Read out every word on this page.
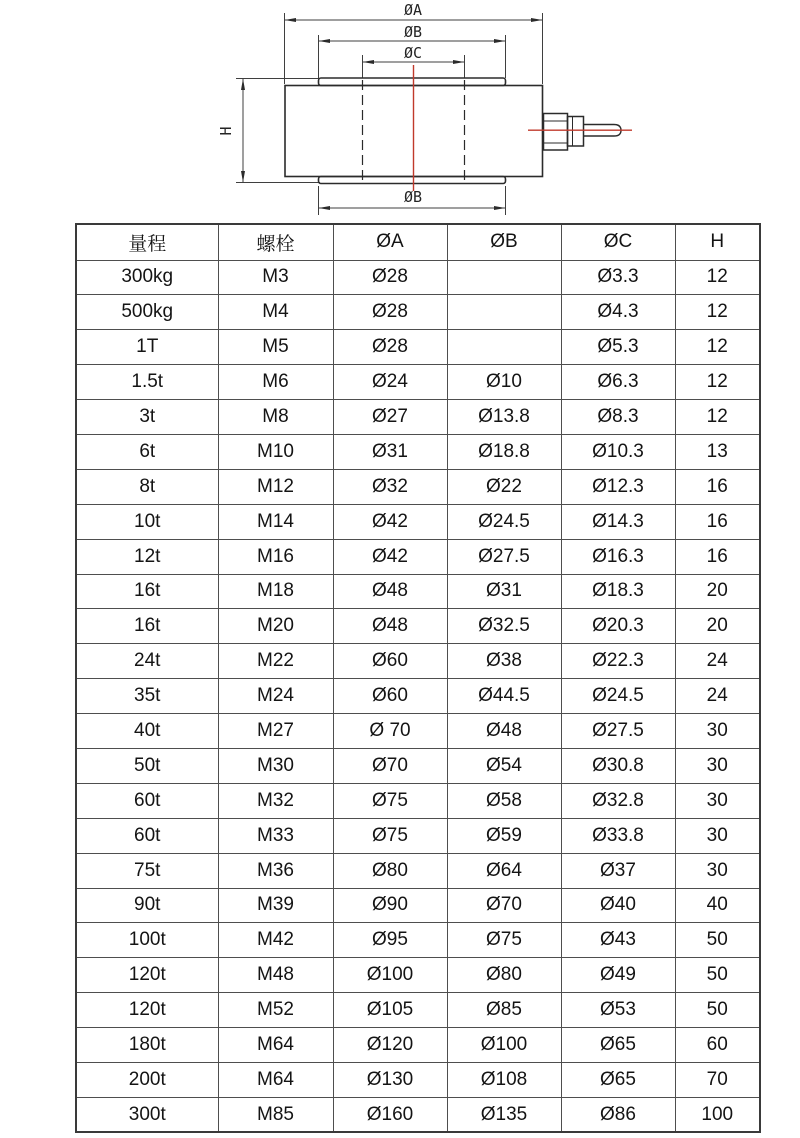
ØA
ØB
ØC
H
ØB
量程	螺栓	ØA	ØB	ØC	H
300kg	M3	Ø28		Ø3.3	12
500kg	M4	Ø28		Ø4.3	12
1T	M5	Ø28		Ø5.3	12
1.5t	M6	Ø24	Ø10	Ø6.3	12
3t	M8	Ø27	Ø13.8	Ø8.3	12
6t	M10	Ø31	Ø18.8	Ø10.3	13
8t	M12	Ø32	Ø22	Ø12.3	16
10t	M14	Ø42	Ø24.5	Ø14.3	16
12t	M16	Ø42	Ø27.5	Ø16.3	16
16t	M18	Ø48	Ø31	Ø18.3	20
16t	M20	Ø48	Ø32.5	Ø20.3	20
24t	M22	Ø60	Ø38	Ø22.3	24
35t	M24	Ø60	Ø44.5	Ø24.5	24
40t	M27	Ø 70	Ø48	Ø27.5	30
50t	M30	Ø70	Ø54	Ø30.8	30
60t	M32	Ø75	Ø58	Ø32.8	30
60t	M33	Ø75	Ø59	Ø33.8	30
75t	M36	Ø80	Ø64	Ø37	30
90t	M39	Ø90	Ø70	Ø40	40
100t	M42	Ø95	Ø75	Ø43	50
120t	M48	Ø100	Ø80	Ø49	50
120t	M52	Ø105	Ø85	Ø53	50
180t	M64	Ø120	Ø100	Ø65	60
200t	M64	Ø130	Ø108	Ø65	70
300t	M85	Ø160	Ø135	Ø86	100
